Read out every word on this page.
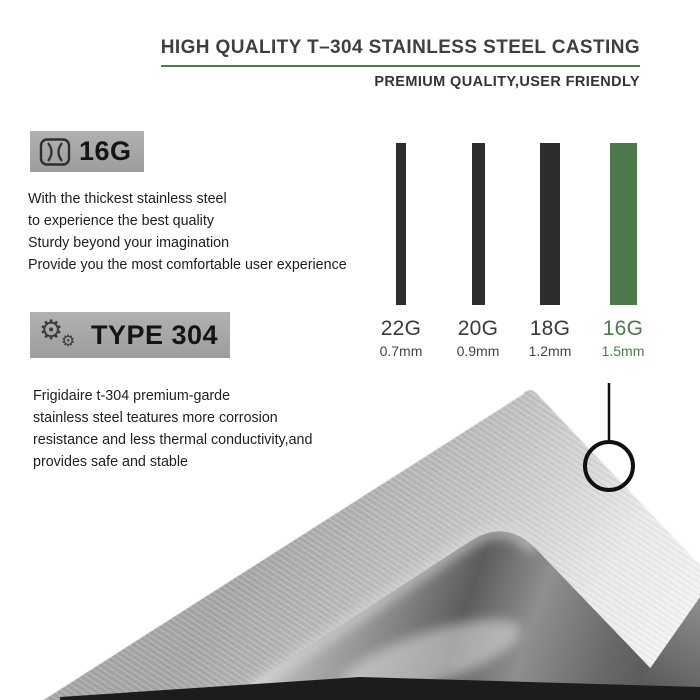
HIGH QUALITY T–304 STAINLESS STEEL CASTING
PREMIUM QUALITY,USER FRIENDLY
16G
With the thickest stainless steel
to experience the best quality
Sturdy beyond your imagination
Provide you the most comfortable user experience
⚙
⚙ TYPE 304
Frigidaire t-304 premium-garde
stainless steel teatures more corrosion
resistance and less thermal conductivity,and
provides safe and stable
22G
0.7mm
20G
0.9mm
18G
1.2mm
16G
1.5mm
